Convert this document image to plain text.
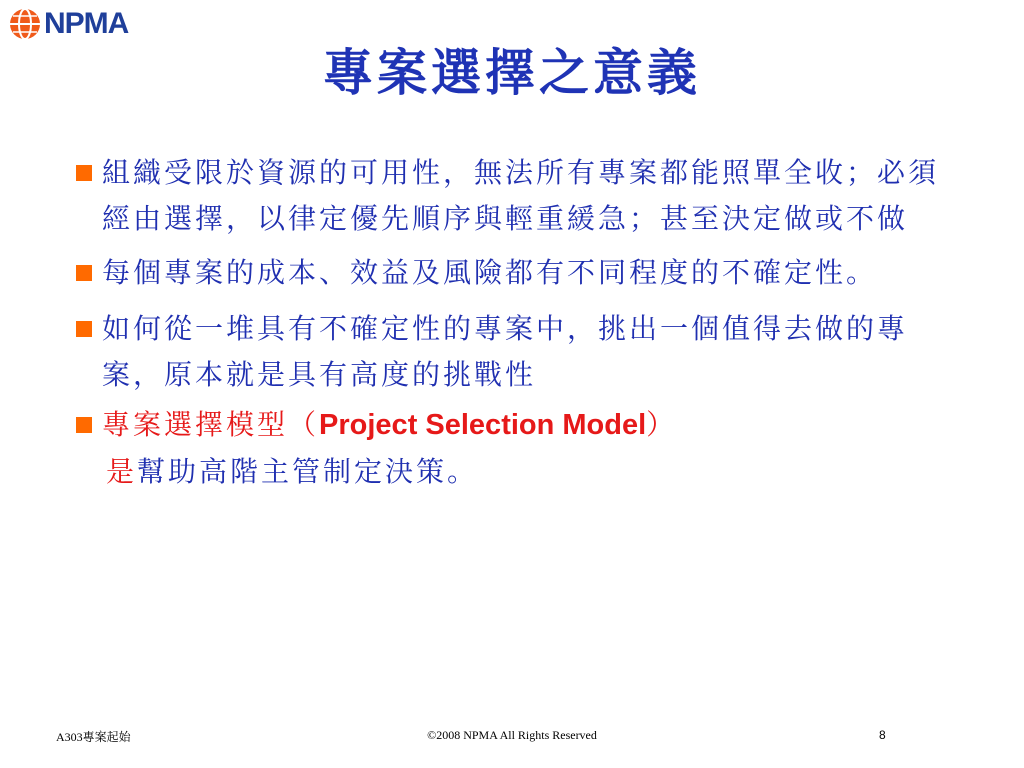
NPMA
專案選擇之意義
組織受限於資源的可用性，無法所有專案都能照單全收；必須經由選擇，以律定優先順序與輕重緩急；甚至決定做或不做
每個專案的成本、效益及風險都有不同程度的不確定性。
如何從一堆具有不確定性的專案中，挑出一個值得去做的專案，原本就是具有高度的挑戰性
專案選擇模型（Project Selection Model）
是幫助高階主管制定決策。
A303專案起始	©2008 NPMA All Rights Reserved	8
